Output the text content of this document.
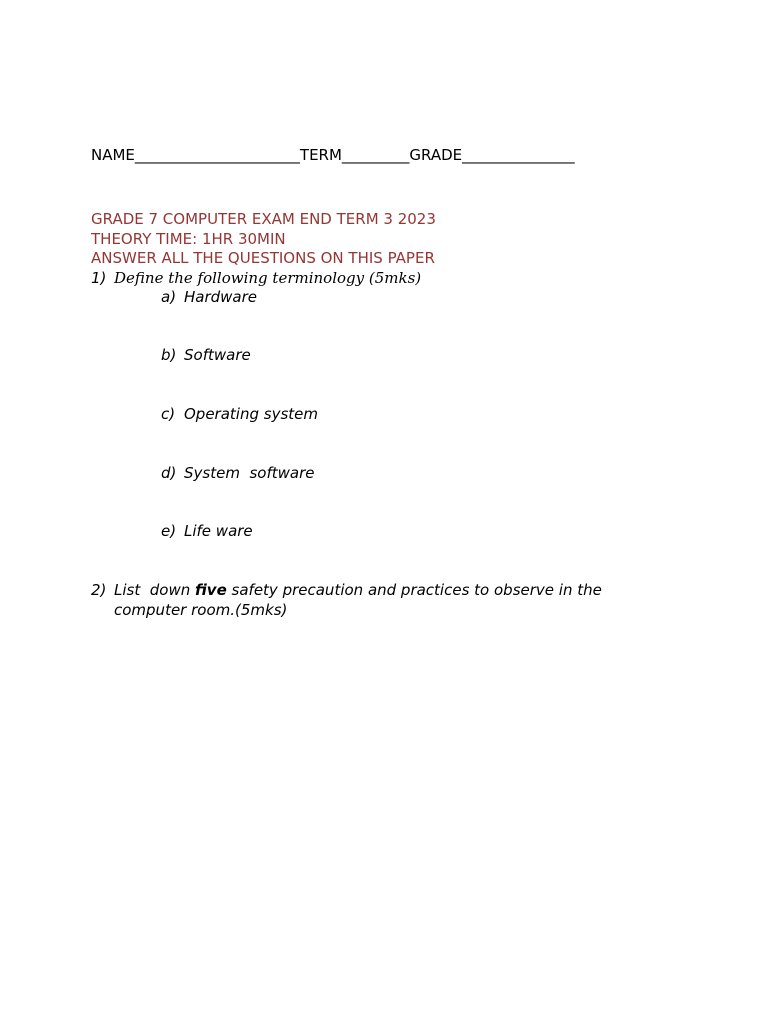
NAME______________________TERM_________GRADE_______________
GRADE 7 COMPUTER EXAM END TERM 3 2023
THEORY TIME: 1HR 30MIN
ANSWER ALL THE QUESTIONS ON THIS PAPER
1) Define the following terminology (5mks)
a) Hardware
b) Software
c) Operating system
d) System  software
e) Life ware
2) List  down five safety precaution and practices to observe in the
computer room.(5mks)
